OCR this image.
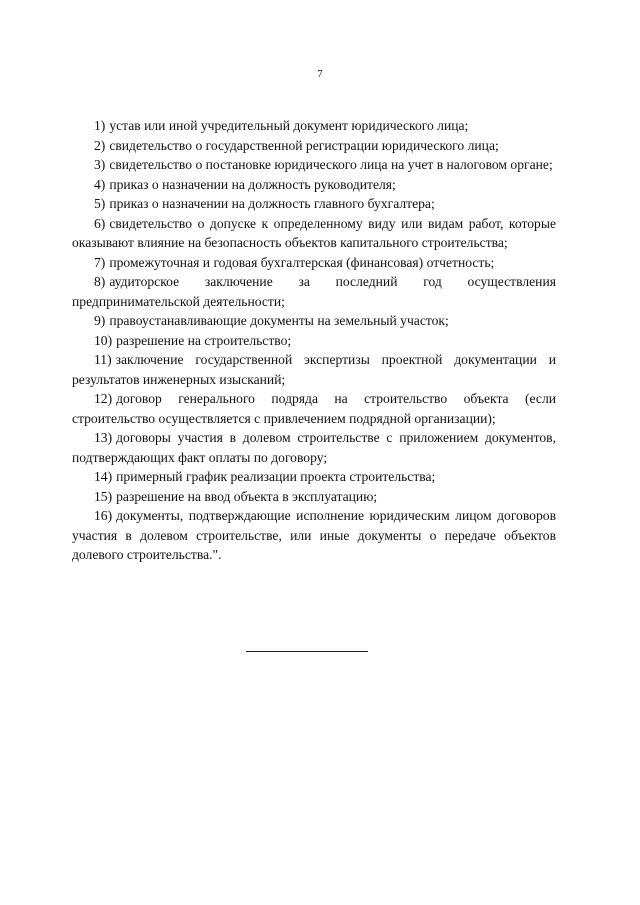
7

1) устав или иной учредительный документ юридического лица;

2) свидетельство о государственной регистрации юридического лица;

3) свидетельство о постановке юридического лица на учет в налоговом органе;

4) приказ о назначении на должность руководителя;

5) приказ о назначении на должность главного бухгалтера;

6) свидетельство о допуске к определенному виду или видам работ, которые оказывают влияние на безопасность объектов капитального строительства;

7) промежуточная и годовая бухгалтерская (финансовая) отчетность;

8) аудиторское заключение за последний год осуществления предпринимательской деятельности;

9) правоустанавливающие документы на земельный участок;

10) разрешение на строительство;

11) заключение государственной экспертизы проектной документации и результатов инженерных изысканий;

12) договор генерального подряда на строительство объекта (если строительство осуществляется с привлечением подрядной организации);

13) договоры участия в долевом строительстве с приложением документов, подтверждающих факт оплаты по договору;

14) примерный график реализации проекта строительства;

15) разрешение на ввод объекта в эксплуатацию;

16) документы, подтверждающие исполнение юридическим лицом договоров участия в долевом строительстве, или иные документы о передаче объектов долевого строительства.".
